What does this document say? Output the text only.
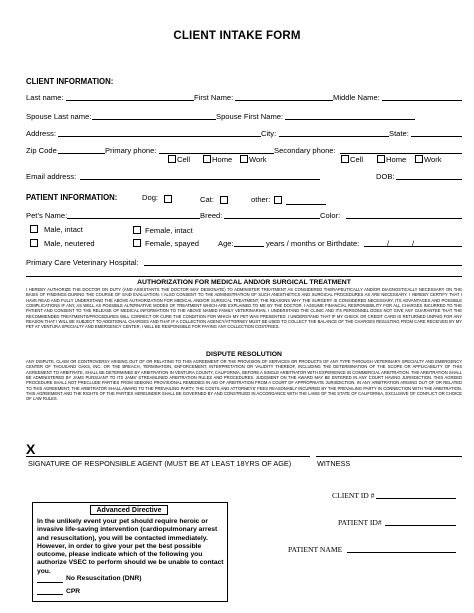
CLIENT INTAKE FORM
CLIENT INFORMATION:
Last name:	First Name:	Middle Name:
Spouse Last name:	Spouse First Name:
Address:	City:	State:
Zip Code	Primary phone:	Secondary phone:
Cell	Home Work	Cell	Home Work
Email address:	DOB:
PATIENT INFORMATION:	Dog:	Cat:	other:
Pet’s Name:	Breed:	Color:
Male, intact	Female, intact
Male, neutered	Female, spayed Age:	years / months or Birthdate:	/	/
Primary Care Veterinary Hospital:
AUTHORIZATION FOR MEDICAL AND/OR SURGICAL TREATMENT
I HEREBY AUTHORIZE THE DOCTOR ON DUTY (AND ASSISTANTS THE DOCTOR MAY DESIGNATE) TO ADMINISTER TREATMENT AS CONSIDERED THERAPEUTICALLY AND/OR DIAGNOSTICALLY NECESSARY ON THE BASIS OF FINDINGS DURING THE COURSE OF SAID EVALUATION. I ALSO CONSENT TO THE ADMINISTRATION OF SUCH ANESTHETICS AND SURGICAL PROCEDURES AS ARE NECESSARY. I HEREBY CERTIFY THAT I HAVE READ AND FULLY UNDERSTAND THE ABOVE AUTHORIZATION FOR MEDICAL AND/OR SURGICAL TREATMENT, THE REASONS WHY THE SURGERY IS CONSIDERED NECESSARY, ITS ADVANTAGES AND POSSIBLE COMPLICATIONS IF ANY, AS WELL AS POSSIBLE ALTERNATIVE MODES OF TREATMENT WHICH ARE EXPLAINED TO ME BY THE DOCTOR. I ASSUME FINANCIAL RESPONSIBILITY FOR ALL CHARGES INCURRED TO THE PATIENT AND CONSENT TO THE RELEASE OF MEDICAL INFORMATION TO THE ABOVE NAMED FAMILY VETERINARIAN. I UNDERSTAND THE CLINIC AND ITS PERSONNEL DOES NOT GIVE ANY GUARANTEE THAT THE RECOMMENDED TREATMENTS/PROCEDURES WILL CORRECT OR CURE THE CONDITION FOR WHICH MY PET WAS PRESENTED. I UNDERSTAND THAT IF MY CHECK OR CREDIT CARD IS RETURNED UNPAID FOR ANY REASON THAT I WILL BE SUBJECT TO ADDITIONAL CHARGES AND THAT IF A COLLECTION AGENCY/ATTORNEY MUST BE USED TO COLLECT THE BALANCE OF THE CHARGES RESULTING FROM CARE RECEIVED BY MY PET AT VENTURA SPECIALTY AND EMERGENCY CENTER, I WILL BE RESPONSIBLE FOR PAYING ANY COLLECTION COST/FEES.
DISPUTE RESOLUTION
ANY DISPUTE, CLAIM OR CONTROVERSY ARISING OUT OF OR RELATING TO THIS AGREEMENT OR THE PROVISION OF SERVICES OR PRODUCTS OF ANY TYPE THROUGH VETERINARY SPECIALTY AND EMERGENCY CENTER OF THOUSAND OAKS, INC. OR THE BREACH, TERMINATION, ENFORCEMENT, INTERPRETATION OR VALIDITY THEREOF, INCLUDING THE DETERMINATION OF THE SCOPE OR APPLICABILITY OF THIS AGREEMENT TO ARBITRATE, SHALL BE DETERMINED BY ARBITRATION IN VENTURA COUNTY, CALIFORNIA, BEFORE A SINGLE ARBITRATOR WITH EXPERIENCE IN COMMERCIAL ARBITRATION. THE ARBITRATION SHALL BE ADMINISTERED BY JAMS PURSUANT TO ITS JAMS' STREAMLINED ARBITRATION RULES AND PROCEDURES. JUDGMENT ON THE AWARD MAY BE ENTERED IN ANY COURT HAVING JURISDICTION. THIS AGREED PROCEDURE SHALL NOT PRECLUDE PARTIES FROM SEEKING PROVISIONAL REMEDIES IN AID OF ARBITRATION FROM A COURT OF APPROPRIATE JURISDICTION. IN ANY ARBITRATION ARISING OUT OF OR RELATED TO THIS AGREEMENT, THE ARBITRATOR SHALL AWARD TO THE PREVAILING PARTY, THE COSTS AND ATTORNEYS' FEES REASONABLY INCURRED BY THE PREVAILING PARTY IN CONNECTION WITH THE ARBITRATION. THIS AGREEMENT AND THE RIGHTS OF THE PARTIES HEREUNDER SHALL BE GOVERNED BY AND CONSTRUED IN ACCORDANCE WITH THE LAWS OF THE STATE OF CALIFORNIA, EXCLUSIVE OF CONFLICT OR CHOICE OF LAW RULES.
X
SIGNATURE OF RESPONSIBLE AGENT (MUST BE AT LEAST 18YRS OF AGE)	WITNESS
Advanced Directive
In the unlikely event your pet should require heroic or invasive life-saving intervention (cardiopulmonary arrest and resuscitation), you will be contacted immediately. However, in order to give your pet the best possible outcome, please indicate which of the following you authorize VSEC to perform should we be unable to contact you.
No Resuscitation (DNR)
CPR
CLIENT ID #
PATIENT ID#
PATIENT NAME
